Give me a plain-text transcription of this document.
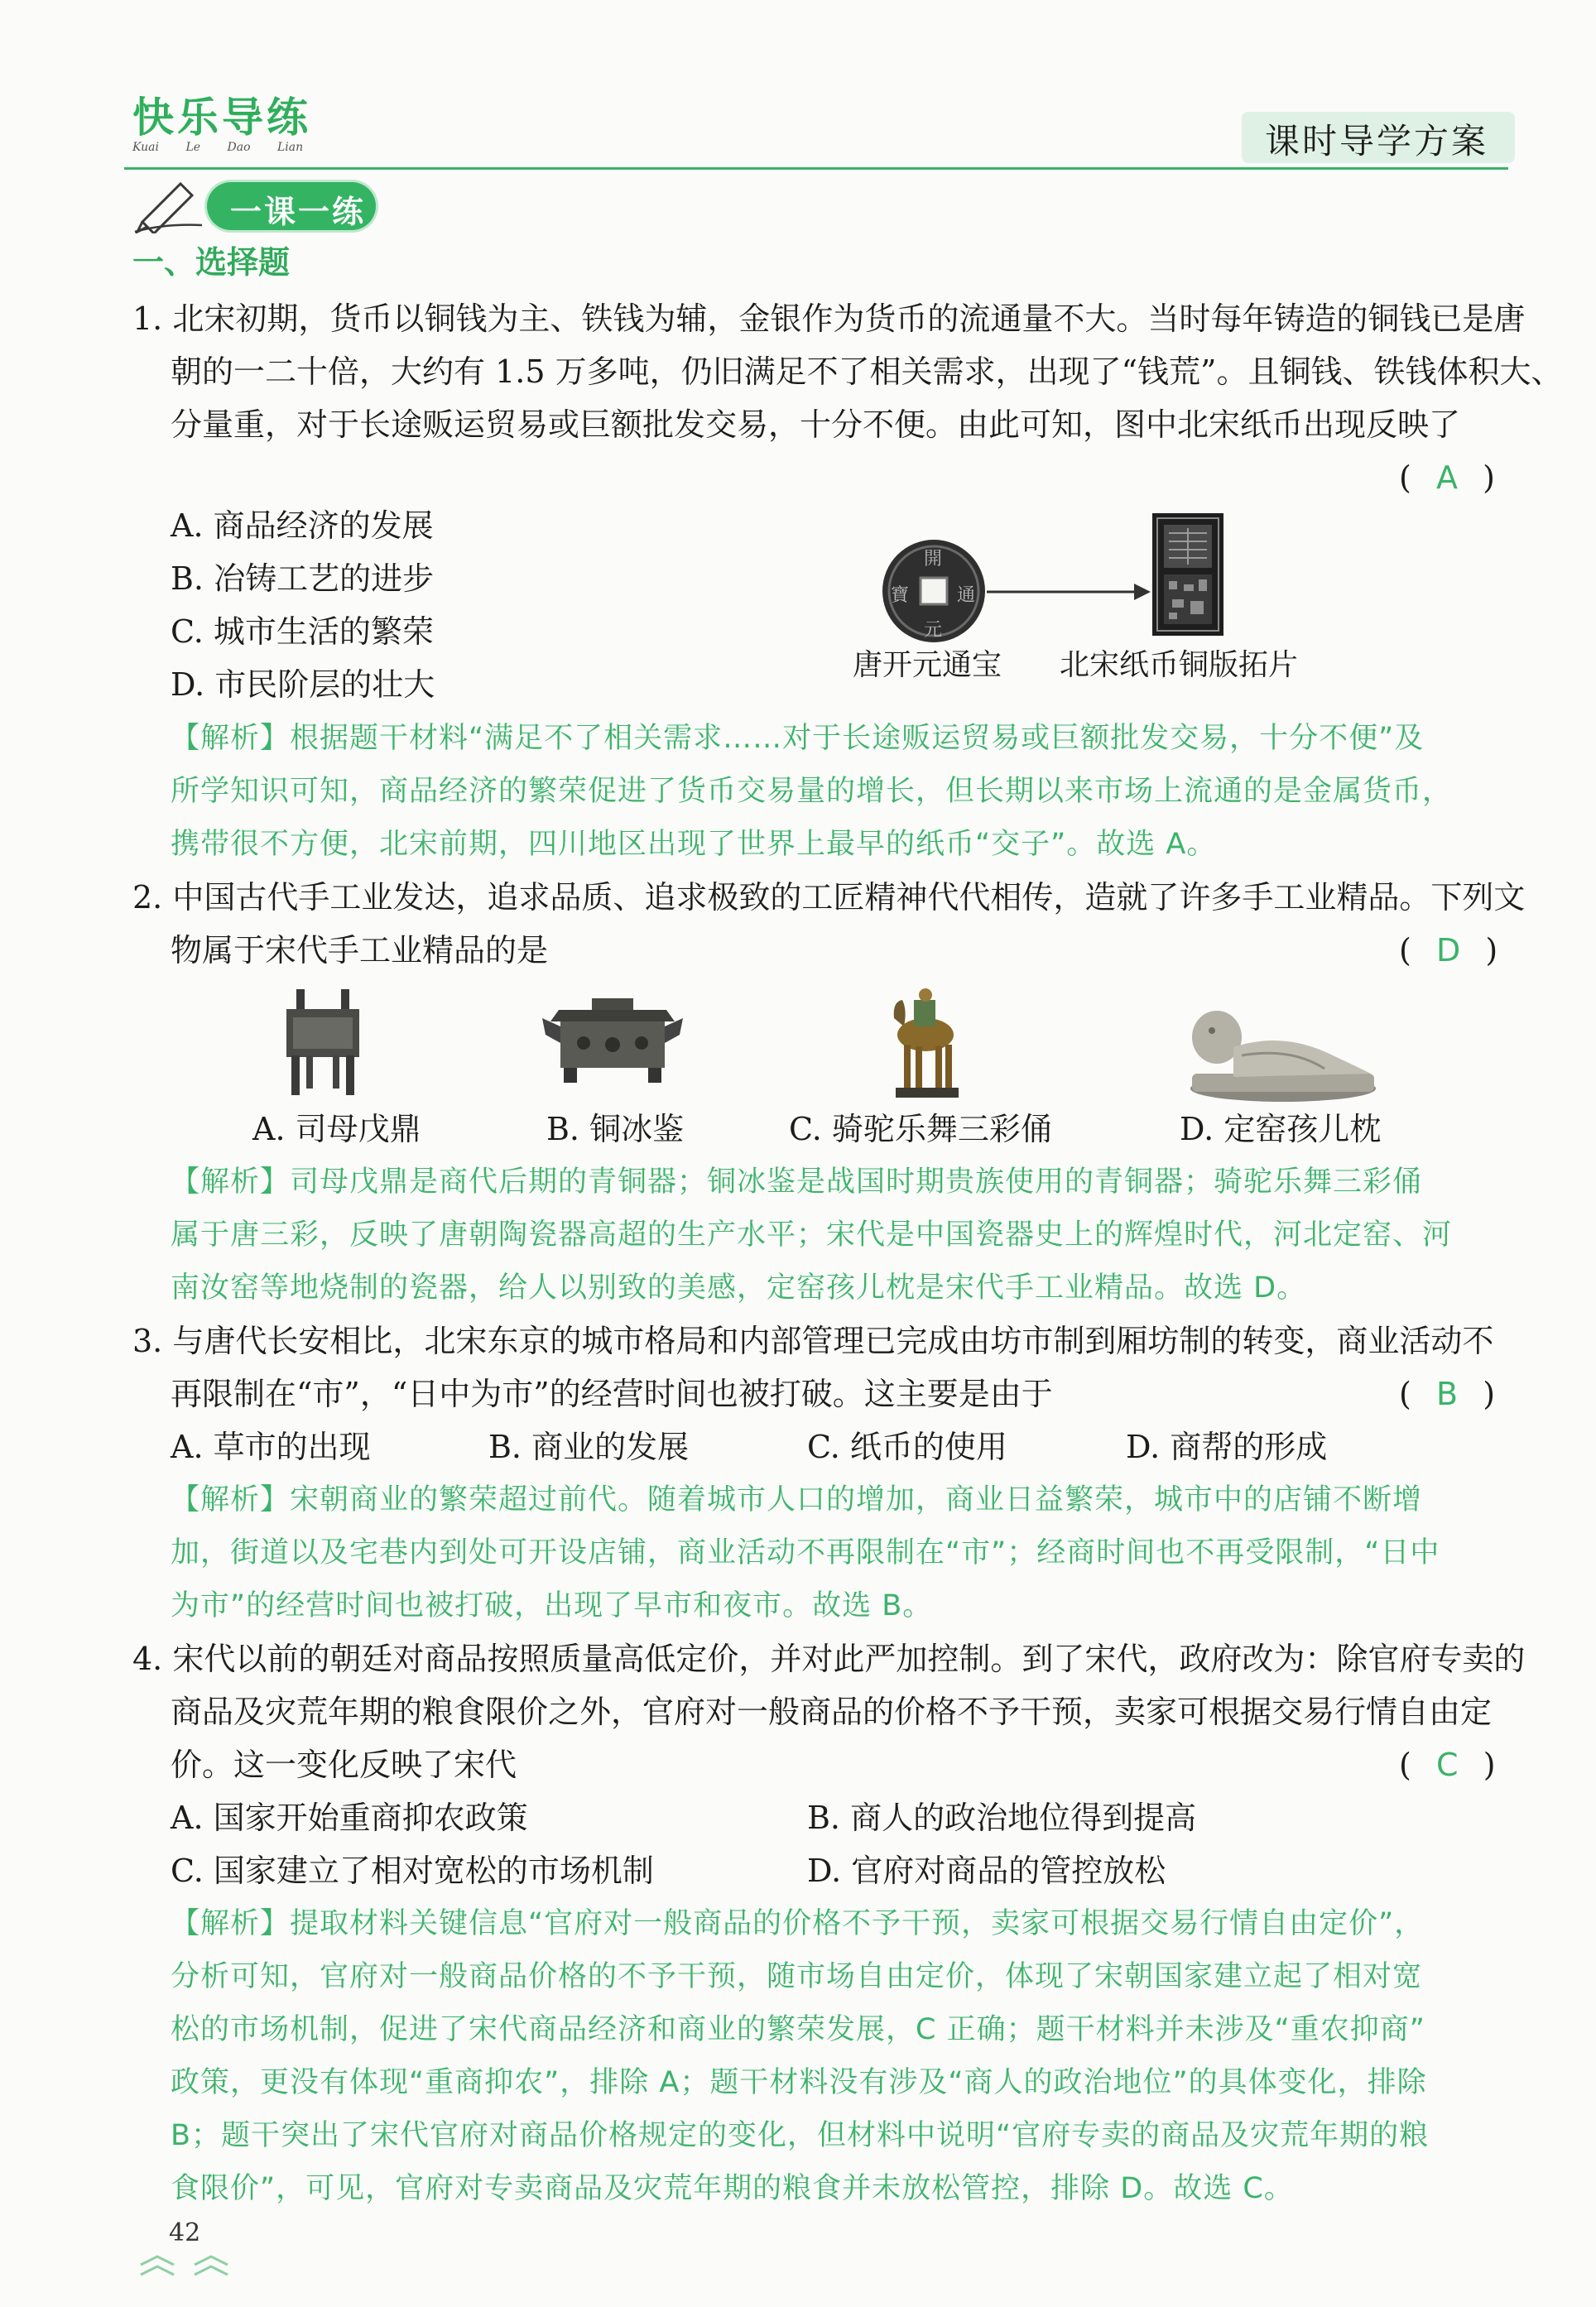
快乐导练
Kuai Le Dao Lian	课时导学方案
一课一练
一、选择题
1. 北宋初期，货币以铜钱为主、铁钱为辅，金银作为货币的流通量不大。当时每年铸造的铜钱已是唐
朝的一二十倍，大约有 1.5 万多吨，仍旧满足不了相关需求，出现了“钱荒”。且铜钱、铁钱体积大、
分量重，对于长途贩运贸易或巨额批发交易，十分不便。由此可知，图中北宋纸币出现反映了
(  A  )
A. 商品经济的发展
B. 冶铸工艺的进步
C. 城市生活的繁荣
D. 市民阶层的壮大
開
元
通
寶
唐开元通宝 北宋纸币铜版拓片
【解析】根据题干材料“满足不了相关需求……对于长途贩运贸易或巨额批发交易，十分不便”及
所学知识可知，商品经济的繁荣促进了货币交易量的增长，但长期以来市场上流通的是金属货币，
携带很不方便，北宋前期，四川地区出现了世界上最早的纸币“交子”。故选 A。
2. 中国古代手工业发达，追求品质、追求极致的工匠精神代代相传，造就了许多手工业精品。下列文
物属于宋代手工业精品的是	(  D  )
A. 司母戊鼎	B. 铜冰鉴	C. 骑驼乐舞三彩俑	D. 定窑孩儿枕
【解析】司母戊鼎是商代后期的青铜器；铜冰鉴是战国时期贵族使用的青铜器；骑驼乐舞三彩俑
属于唐三彩，反映了唐朝陶瓷器高超的生产水平；宋代是中国瓷器史上的辉煌时代，河北定窑、河
南汝窑等地烧制的瓷器，给人以别致的美感，定窑孩儿枕是宋代手工业精品。故选 D。
3. 与唐代长安相比，北宋东京的城市格局和内部管理已完成由坊市制到厢坊制的转变，商业活动不
再限制在“市”，“日中为市”的经营时间也被打破。这主要是由于	(  B  )
A. 草市的出现	B. 商业的发展	C. 纸币的使用	D. 商帮的形成
【解析】宋朝商业的繁荣超过前代。随着城市人口的增加，商业日益繁荣，城市中的店铺不断增
加，街道以及宅巷内到处可开设店铺，商业活动不再限制在“市”；经商时间也不再受限制，“日中
为市”的经营时间也被打破，出现了早市和夜市。故选 B。
4. 宋代以前的朝廷对商品按照质量高低定价，并对此严加控制。到了宋代，政府改为：除官府专卖的
商品及灾荒年期的粮食限价之外，官府对一般商品的价格不予干预，卖家可根据交易行情自由定
价。这一变化反映了宋代	(  C  )
A. 国家开始重商抑农政策	B. 商人的政治地位得到提高
C. 国家建立了相对宽松的市场机制	D. 官府对商品的管控放松
【解析】提取材料关键信息“官府对一般商品的价格不予干预，卖家可根据交易行情自由定价”，
分析可知，官府对一般商品价格的不予干预，随市场自由定价，体现了宋朝国家建立起了相对宽
松的市场机制，促进了宋代商品经济和商业的繁荣发展，C 正确；题干材料并未涉及“重农抑商”
政策，更没有体现“重商抑农”，排除 A；题干材料没有涉及“商人的政治地位”的具体变化，排除
B；题干突出了宋代官府对商品价格规定的变化，但材料中说明“官府专卖的商品及灾荒年期的粮
食限价”，可见，官府对专卖商品及灾荒年期的粮食并未放松管控，排除 D。故选 C。
42
